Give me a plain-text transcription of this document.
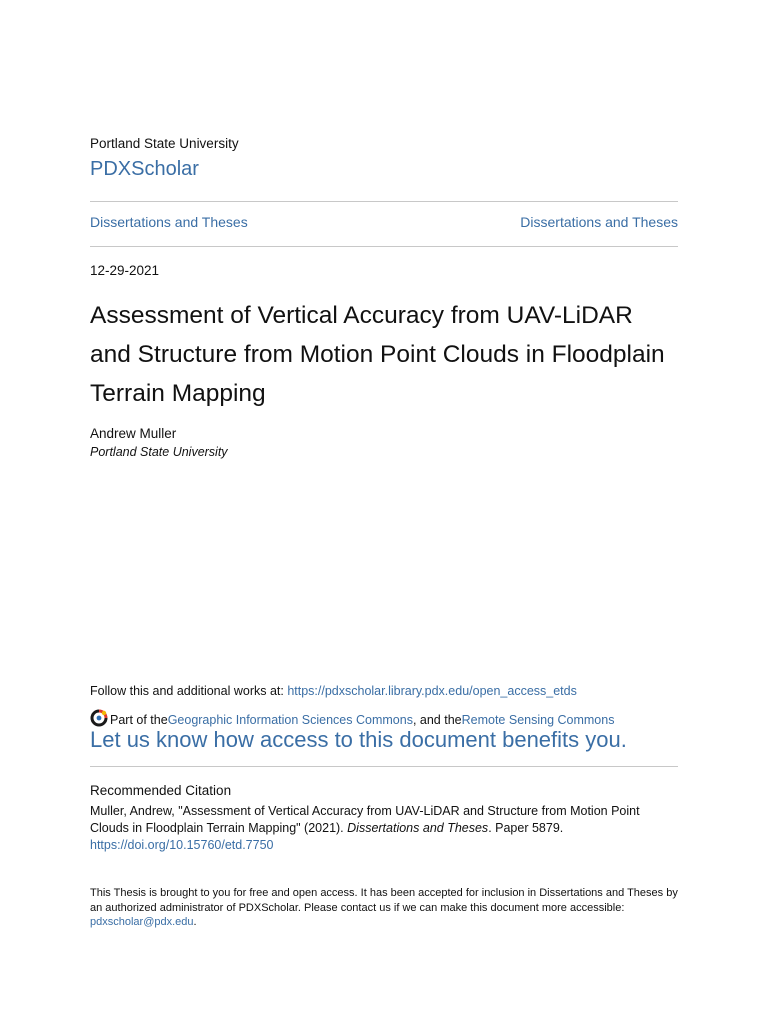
Portland State University
PDXScholar
Dissertations and Theses	Dissertations and Theses
12-29-2021
Assessment of Vertical Accuracy from UAV-LiDAR and Structure from Motion Point Clouds in Floodplain Terrain Mapping
Andrew Muller
Portland State University
Follow this and additional works at: https://pdxscholar.library.pdx.edu/open_access_etds
Part of the Geographic Information Sciences Commons , and the Remote Sensing Commons
Let us know how access to this document benefits you.
Recommended Citation
Muller, Andrew, "Assessment of Vertical Accuracy from UAV-LiDAR and Structure from Motion Point Clouds in Floodplain Terrain Mapping" (2021). Dissertations and Theses. Paper 5879.
https://doi.org/10.15760/etd.7750
This Thesis is brought to you for free and open access. It has been accepted for inclusion in Dissertations and Theses by an authorized administrator of PDXScholar. Please contact us if we can make this document more accessible: pdxscholar@pdx.edu.
